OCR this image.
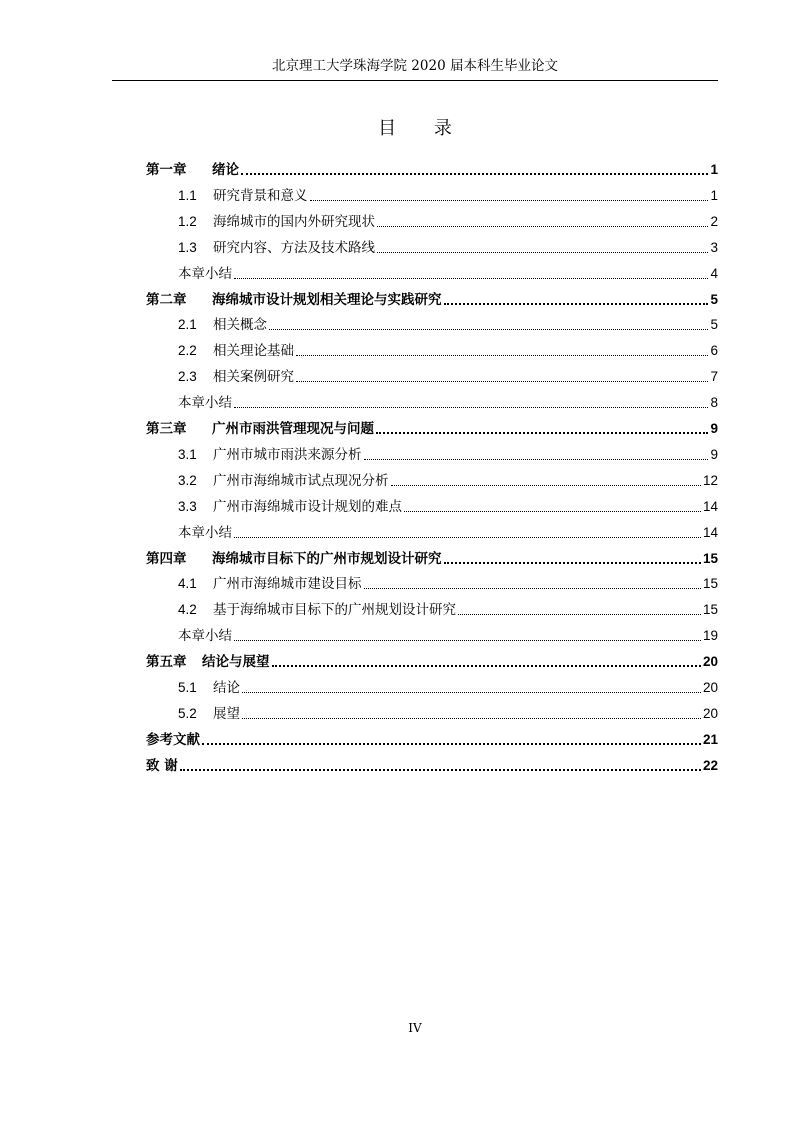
北京理工大学珠海学院 2020 届本科生毕业论文
目 录
第一章	绪论	1
1.1	研究背景和意义	1
1.2	海绵城市的国内外研究现状	2
1.3	研究内容、方法及技术路线	3
本章小结	4
第二章	海绵城市设计规划相关理论与实践研究	5
2.1	相关概念	5
2.2	相关理论基础	6
2.3	相关案例研究	7
本章小结	8
第三章	广州市雨洪管理现况与问题	9
3.1	广州市城市雨洪来源分析	9
3.2	广州市海绵城市试点现况分析	12
3.3	广州市海绵城市设计规划的难点	14
本章小结	14
第四章	海绵城市目标下的广州市规划设计研究	15
4.1	广州市海绵城市建设目标	15
4.2	基于海绵城市目标下的广州规划设计研究	15
本章小结	19
第五章	结论与展望	20
5.1	结论	20
5.2	展望	20
参考文献	21
致 谢	22
IV
